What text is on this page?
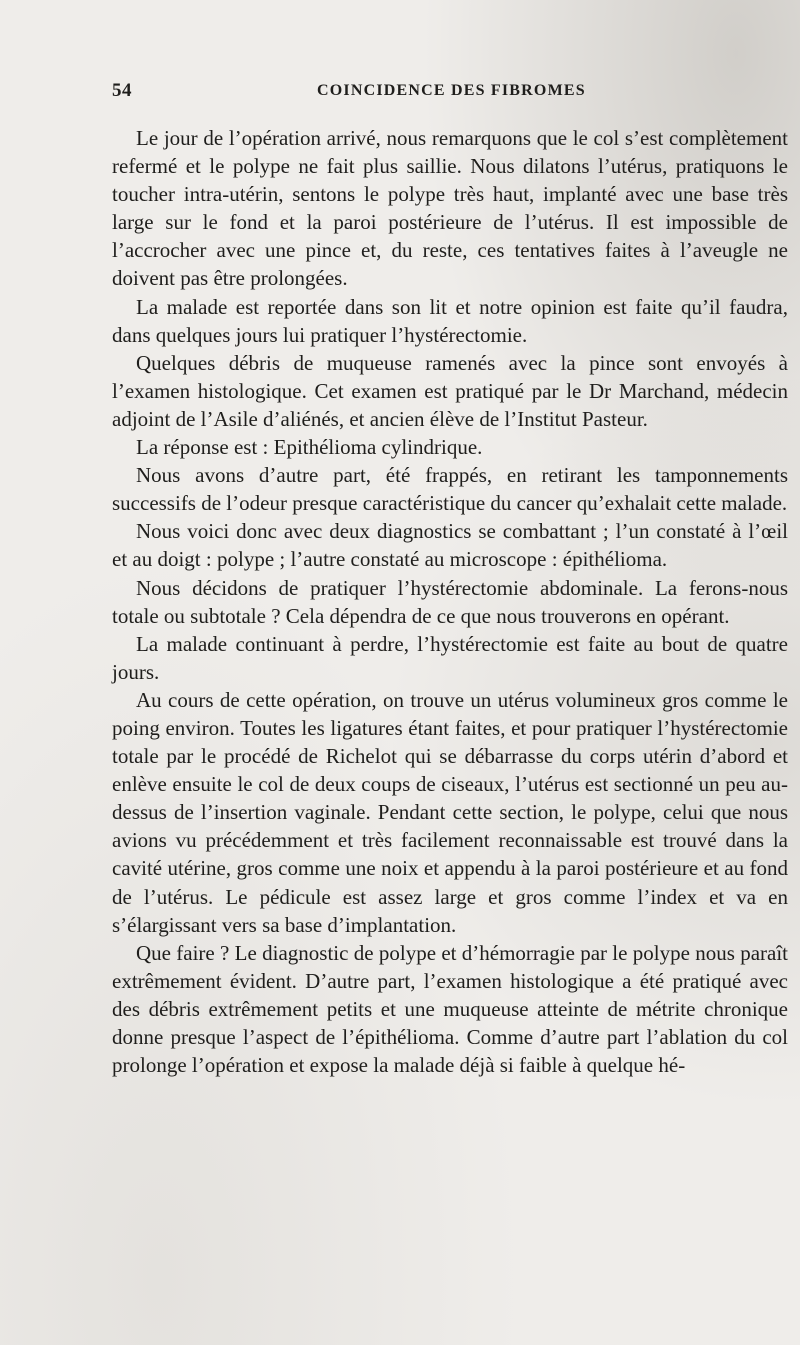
54	COINCIDENCE DES FIBROMES

Le jour de l’opération arrivé, nous remarquons que le col s’est complètement refermé et le polype ne fait plus saillie. Nous dilatons l’utérus, pratiquons le toucher intra-utérin, sentons le polype très haut, implanté avec une base très large sur le fond et la paroi postérieure de l’utérus. Il est impossible de l’accrocher avec une pince et, du reste, ces tentatives faites à l’aveugle ne doivent pas être prolongées.

La malade est reportée dans son lit et notre opinion est faite qu’il faudra, dans quelques jours lui pratiquer l’hystérectomie.

Quelques débris de muqueuse ramenés avec la pince sont envoyés à l’examen histologique. Cet examen est pratiqué par le Dr Marchand, médecin adjoint de l’Asile d’aliénés, et ancien élève de l’Institut Pasteur.

La réponse est : Epithélioma cylindrique.

Nous avons d’autre part, été frappés, en retirant les tamponnements successifs de l’odeur presque caractéristique du cancer qu’exhalait cette malade.

Nous voici donc avec deux diagnostics se combattant ; l’un constaté à l’œil et au doigt : polype ; l’autre constaté au microscope : épithélioma.

Nous décidons de pratiquer l’hystérectomie abdominale. La ferons-nous totale ou subtotale ? Cela dépendra de ce que nous trouverons en opérant.

La malade continuant à perdre, l’hystérectomie est faite au bout de quatre jours.

Au cours de cette opération, on trouve un utérus volumineux gros comme le poing environ. Toutes les ligatures étant faites, et pour pratiquer l’hystérectomie totale par le procédé de Richelot qui se débarrasse du corps utérin d’abord et enlève ensuite le col de deux coups de ciseaux, l’utérus est sectionné un peu au-dessus de l’insertion vaginale. Pendant cette section, le polype, celui que nous avions vu précédemment et très facilement reconnaissable est trouvé dans la cavité utérine, gros comme une noix et appendu à la paroi postérieure et au fond de l’utérus. Le pédicule est assez large et gros comme l’index et va en s’élargissant vers sa base d’implantation.

Que faire ? Le diagnostic de polype et d’hémorragie par le polype nous paraît extrêmement évident. D’autre part, l’examen histologique a été pratiqué avec des débris extrêmement petits et une muqueuse atteinte de métrite chronique donne presque l’aspect de l’épithélioma. Comme d’autre part l’ablation du col prolonge l’opération et expose la malade déjà si faible à quelque hé-
